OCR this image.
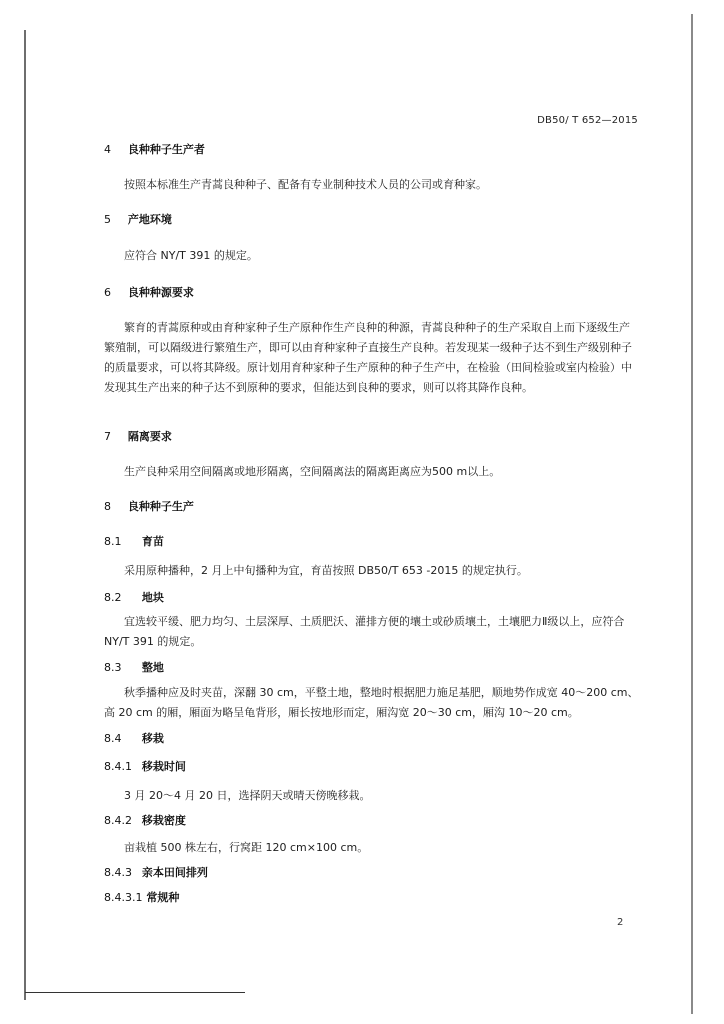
DB50/ T 652—2015
4 良种种子生产者
按照本标准生产青蒿良种种子、配备有专业制种技术人员的公司或育种家。
5 产地环境
应符合 NY/T 391 的规定。
6 良种种源要求
繁育的青蒿原种或由育种家种子生产原种作生产良种的种源，青蒿良种种子的生产采取自上而下逐级生产繁殖制，可以隔级进行繁殖生产，即可以由育种家种子直接生产良种。若发现某一级种子达不到生产级别种子的质量要求，可以将其降级。原计划用育种家种子生产原种的种子生产中，在检验（田间检验或室内检验）中发现其生产出来的种子达不到原种的要求，但能达到良种的要求，则可以将其降作良种。
7 隔离要求
生产良种采用空间隔离或地形隔离，空间隔离法的隔离距离应为500 m以上。
8 良种种子生产
8.1 育苗
采用原种播种，2 月上中旬播种为宜，育苗按照 DB50/T 653 -2015 的规定执行。
8.2 地块
宜选较平缓、肥力均匀、土层深厚、土质肥沃、灌排方便的壤土或砂质壤土，土壤肥力Ⅱ级以上，应符合 NY/T 391 的规定。
8.3 整地
秋季播种应及时夹苗，深翻 30 cm，平整土地，整地时根据肥力施足基肥，顺地势作成宽 40～200 cm、高 20 cm 的厢，厢面为略呈龟背形，厢长按地形而定，厢沟宽 20～30 cm，厢沟 10～20 cm。
8.4 移栽
8.4.1 移栽时间
3 月 20～4 月 20 日，选择阴天或晴天傍晚移栽。
8.4.2 移栽密度
亩栽植 500 株左右，行窝距 120 cm×100 cm。
8.4.3 亲本田间排列
8.4.3.1 常规种
2
